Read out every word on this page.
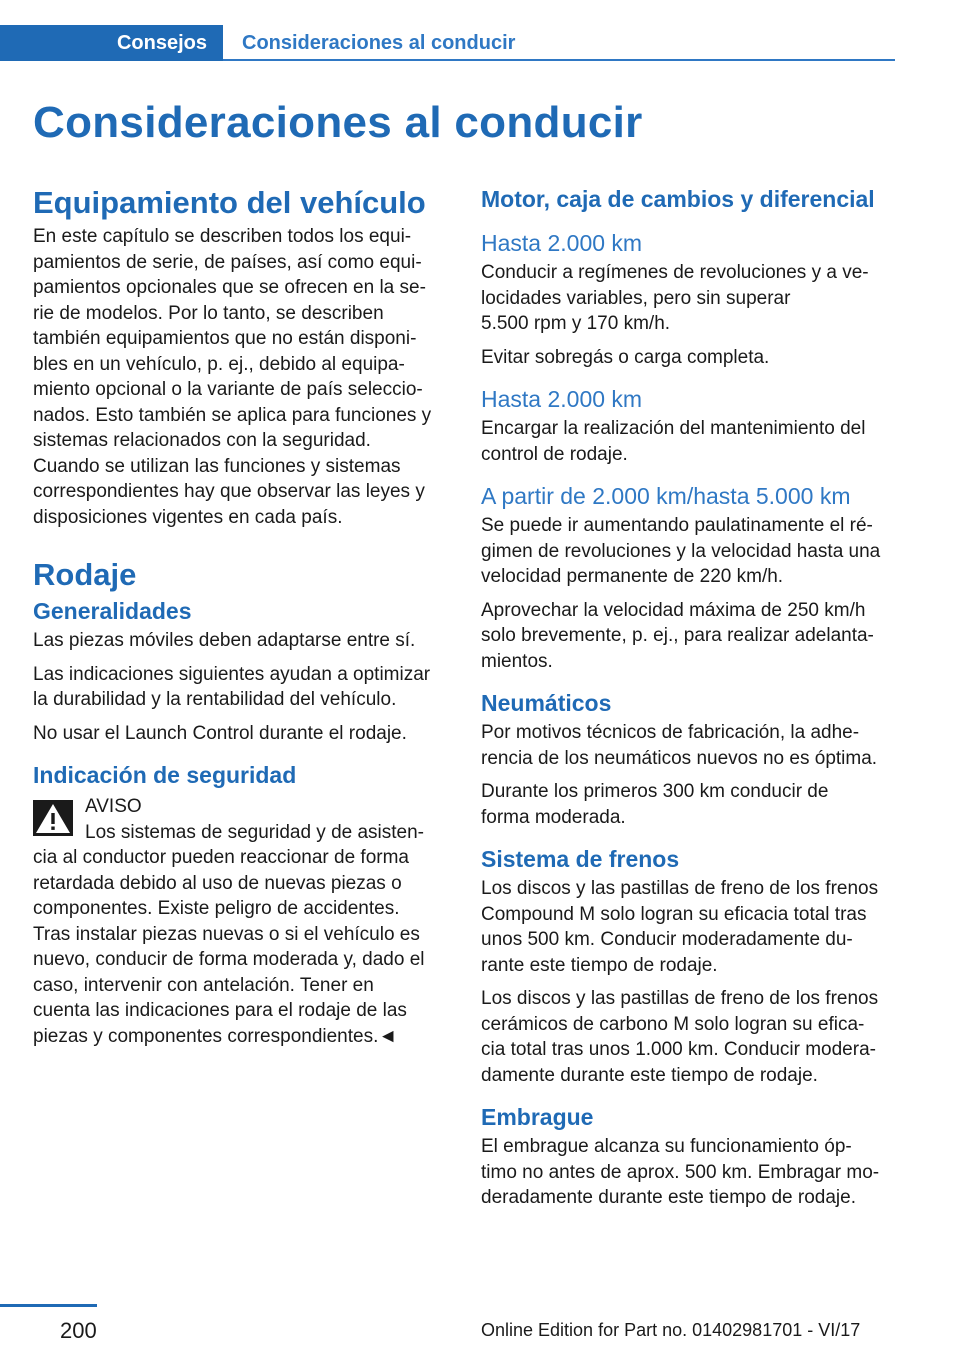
Consejos Consideraciones al conducir
Consideraciones al conducir
Equipamiento del vehículo

En este capítulo se describen todos los equi-
pamientos de serie, de países, así como equi-
pamientos opcionales que se ofrecen en la se-
rie de modelos. Por lo tanto, se describen
también equipamientos que no están disponi-
bles en un vehículo, p. ej., debido al equipa-
miento opcional o la variante de país seleccio-
nados. Esto también se aplica para funciones y
sistemas relacionados con la seguridad.
Cuando se utilizan las funciones y sistemas
correspondientes hay que observar las leyes y
disposiciones vigentes en cada país.

Rodaje
Generalidades

Las piezas móviles deben adaptarse entre sí.

Las indicaciones siguientes ayudan a optimizar
la durabilidad y la rentabilidad del vehículo.

No usar el Launch Control durante el rodaje.

Indicación de seguridad

AVISO
Los sistemas de seguridad y de asisten-
cia al conductor pueden reaccionar de forma
retardada debido al uso de nuevas piezas o
componentes. Existe peligro de accidentes.
Tras instalar piezas nuevas o si el vehículo es
nuevo, conducir de forma moderada y, dado el
caso, intervenir con antelación. Tener en
cuenta las indicaciones para el rodaje de las
piezas y componentes correspondientes.◄

Motor, caja de cambios y diferencial
Hasta 2.000 km

Conducir a regímenes de revoluciones y a ve-
locidades variables, pero sin superar
5.500 rpm y 170 km/h.

Evitar sobregás o carga completa.

Hasta 2.000 km

Encargar la realización del mantenimiento del
control de rodaje.

A partir de 2.000 km/hasta 5.000 km

Se puede ir aumentando paulatinamente el ré-
gimen de revoluciones y la velocidad hasta una
velocidad permanente de 220 km/h.

Aprovechar la velocidad máxima de 250 km/h
solo brevemente, p. ej., para realizar adelanta-
mientos.

Neumáticos

Por motivos técnicos de fabricación, la adhe-
rencia de los neumáticos nuevos no es óptima.

Durante los primeros 300 km conducir de
forma moderada.

Sistema de frenos

Los discos y las pastillas de freno de los frenos
Compound M solo logran su eficacia total tras
unos 500 km. Conducir moderadamente du-
rante este tiempo de rodaje.

Los discos y las pastillas de freno de los frenos
cerámicos de carbono M solo logran su efica-
cia total tras unos 1.000 km. Conducir modera-
damente durante este tiempo de rodaje.

Embrague

El embrague alcanza su funcionamiento óp-
timo no antes de aprox. 500 km. Embragar mo-
deradamente durante este tiempo de rodaje.

200	Online Edition for Part no. 01402981701 - VI/17
